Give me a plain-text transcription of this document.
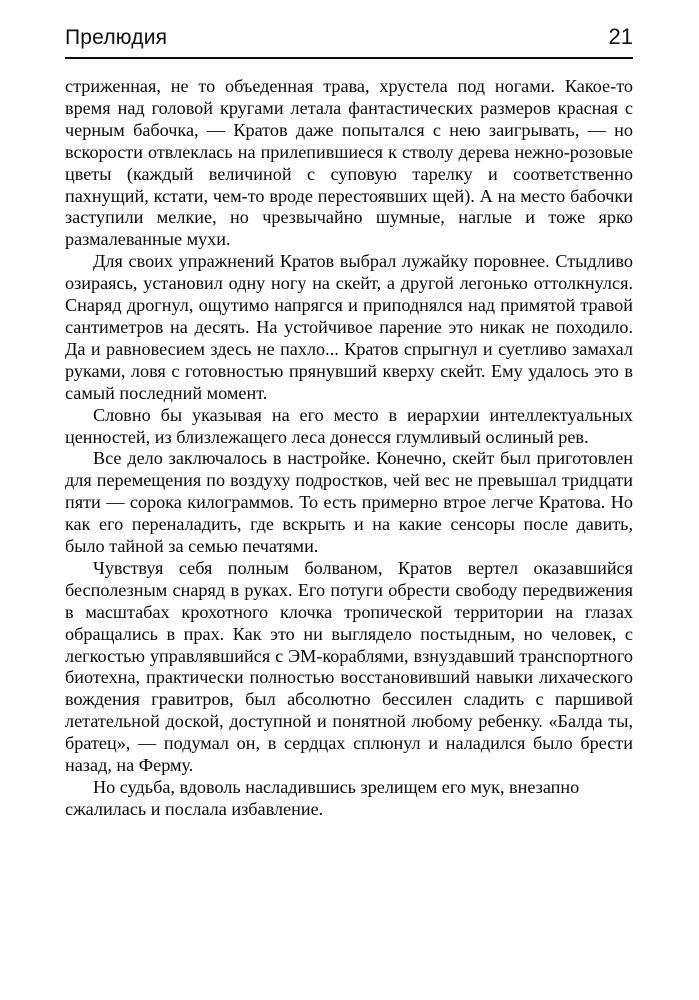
Прелюдия	21

стриженная, не то объеденная трава, хрустела под ногами. Какое-то время над головой кругами летала фантастических размеров красная с черным бабочка, — Кратов даже попытался с нею заигрывать, — но вскорости отвлеклась на прилепившиеся к стволу дерева нежно-розовые цветы (каждый величиной с суповую тарелку и соответственно пахнущий, кстати, чем-то вроде перестоявших щей). А на место бабочки заступили мелкие, но чрезвычайно шумные, наглые и тоже ярко размалеванные мухи.

Для своих упражнений Кратов выбрал лужайку поровнее. Стыдливо озираясь, установил одну ногу на скейт, а другой легонько оттолкнулся. Снаряд дрогнул, ощутимо напрягся и приподнялся над примятой травой сантиметров на десять. На устойчивое парение это никак не походило. Да и равновесием здесь не пахло... Кратов спрыгнул и суетливо замахал руками, ловя с готовностью прянувший кверху скейт. Ему удалось это в самый последний момент.

Словно бы указывая на его место в иерархии интеллектуальных ценностей, из близлежащего леса донесся глумливый ослиный рев.

Все дело заключалось в настройке. Конечно, скейт был приготовлен для перемещения по воздуху подростков, чей вес не превышал тридцати пяти — сорока килограммов. То есть примерно втрое легче Кратова. Но как его переналадить, где вскрыть и на какие сенсоры после давить, было тайной за семью печатями.

Чувствуя себя полным болваном, Кратов вертел оказавшийся бесполезным снаряд в руках. Его потуги обрести свободу передвижения в масштабах крохотного клочка тропической территории на глазах обращались в прах. Как это ни выглядело постыдным, но человек, с легкостью управлявшийся с ЭМ-кораблями, взнуздавший транспортного биотехна, практически полностью восстановивший навыки лихаческого вождения гравитров, был абсолютно бессилен сладить с паршивой летательной доской, доступной и понятной любому ребенку. «Балда ты, братец», — подумал он, в сердцах сплюнул и наладился было брести назад, на Ферму.

Но судьба, вдоволь насладившись зрелищем его мук, внезапно сжалилась и послала избавление.
